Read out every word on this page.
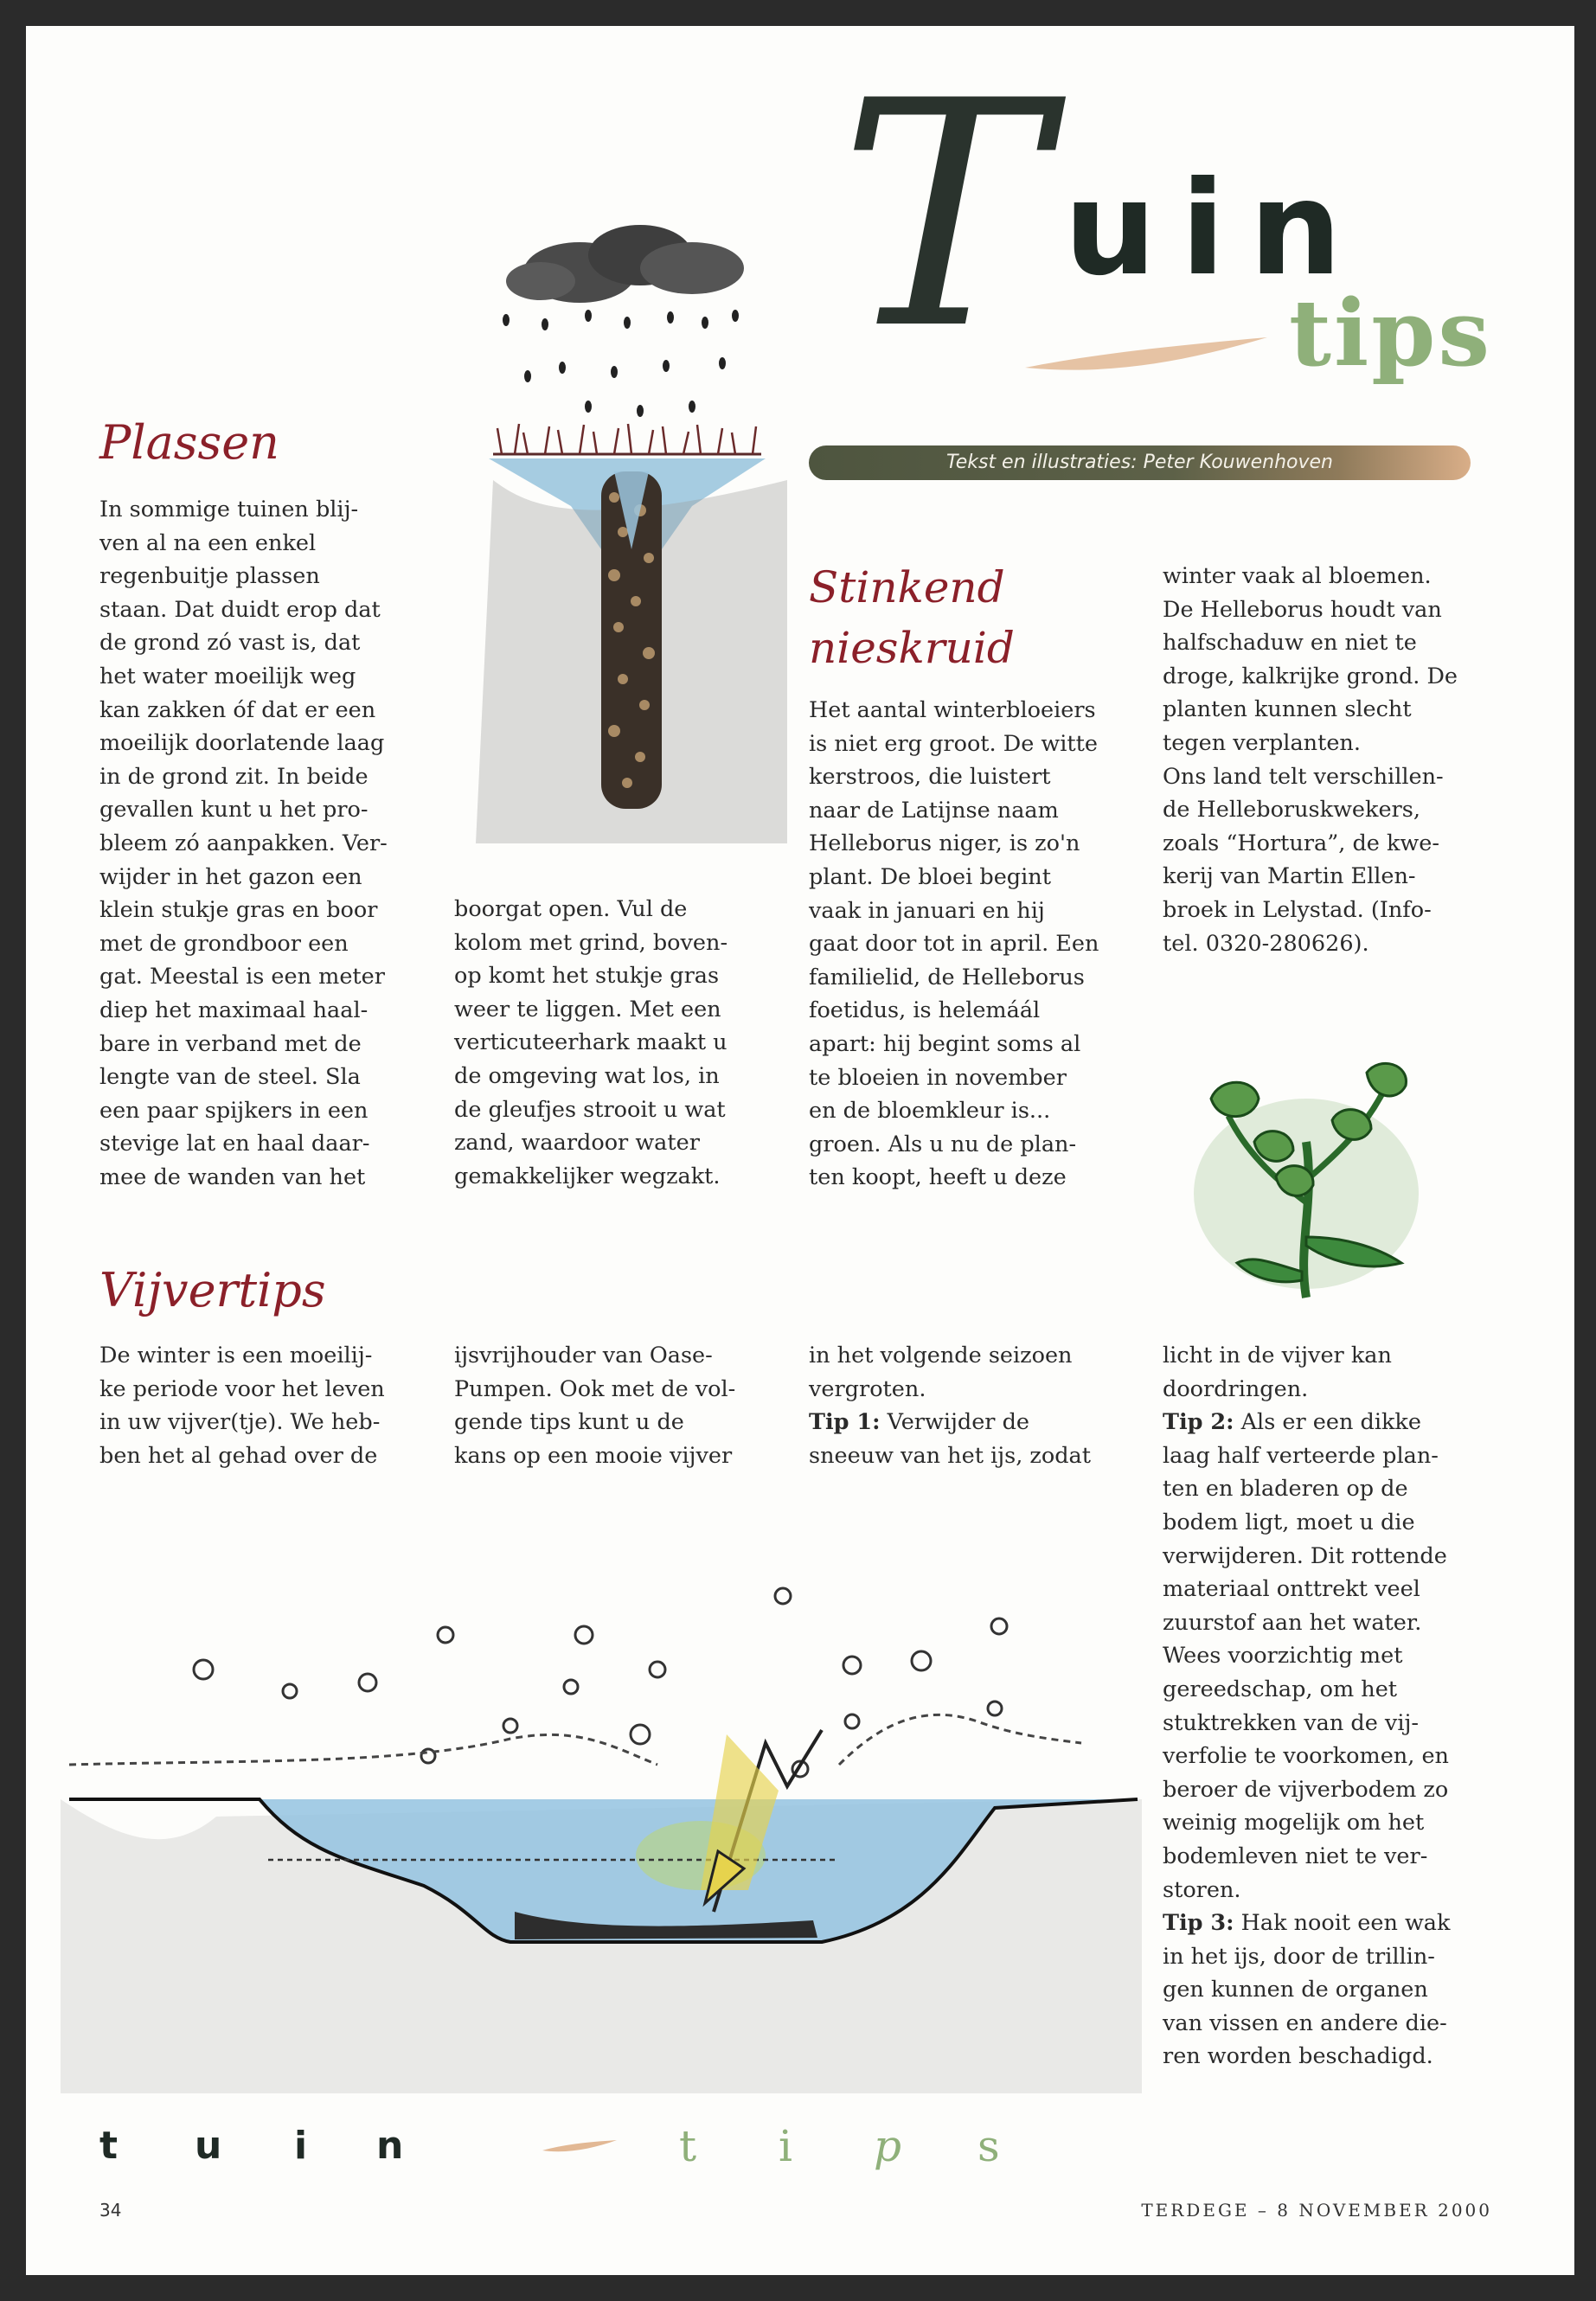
T uin
tips
Tekst en illustraties: Peter Kouwenhoven
Plassen
In sommige tuinen blij-
ven al na een enkel
regenbuitje plassen
staan. Dat duidt erop dat
de grond zó vast is, dat
het water moeilijk weg
kan zakken óf dat er een
moeilijk doorlatende laag
in de grond zit. In beide
gevallen kunt u het pro-
bleem zó aanpakken. Ver-
wijder in het gazon een
klein stukje gras en boor
met de grondboor een
gat. Meestal is een meter
diep het maximaal haal-
bare in verband met de
lengte van de steel. Sla
een paar spijkers in een
stevige lat en haal daar-
mee de wanden van het
boorgat open. Vul de
kolom met grind, boven-
op komt het stukje gras
weer te liggen. Met een
verticuteerhark maakt u
de omgeving wat los, in
de gleufjes strooit u wat
zand, waardoor water
gemakkelijker wegzakt.
Stinkend
nieskruid
Het aantal winterbloeiers
is niet erg groot. De witte
kerstroos, die luistert
naar de Latijnse naam
Helleborus niger, is zo'n
plant. De bloei begint
vaak in januari en hij
gaat door tot in april. Een
familielid, de Helleborus
foetidus, is helemáál
apart: hij begint soms al
te bloeien in november
en de bloemkleur is...
groen. Als u nu de plan-
ten koopt, heeft u deze
winter vaak al bloemen.
De Helleborus houdt van
halfschaduw en niet te
droge, kalkrijke grond. De
planten kunnen slecht
tegen verplanten.
Ons land telt verschillen-
de Helleboruskwekers,
zoals “Hortura”, de kwe-
kerij van Martin Ellen-
broek in Lelystad. (Info-
tel. 0320-280626).
Vijvertips
De winter is een moeilij-
ke periode voor het leven
in uw vijver(tje). We heb-
ben het al gehad over de
ijsvrijhouder van Oase-
Pumpen. Ook met de vol-
gende tips kunt u de
kans op een mooie vijver
in het volgende seizoen
vergroten.
Tip 1: Verwijder de
sneeuw van het ijs, zodat
licht in de vijver kan
doordringen.
Tip 2: Als er een dikke
laag half verteerde plan-
ten en bladeren op de
bodem ligt, moet u die
verwijderen. Dit rottende
materiaal onttrekt veel
zuurstof aan het water.
Wees voorzichtig met
gereedschap, om het
stuktrekken van de vij-
verfolie te voorkomen, en
beroer de vijverbodem zo
weinig mogelijk om het
bodemleven niet te ver-
storen.
Tip 3: Hak nooit een wak
in het ijs, door de trillin-
gen kunnen de organen
van vissen en andere die-
ren worden beschadigd.
t u i n	t i p s
34	TERDEGE – 8 NOVEMBER 2000
